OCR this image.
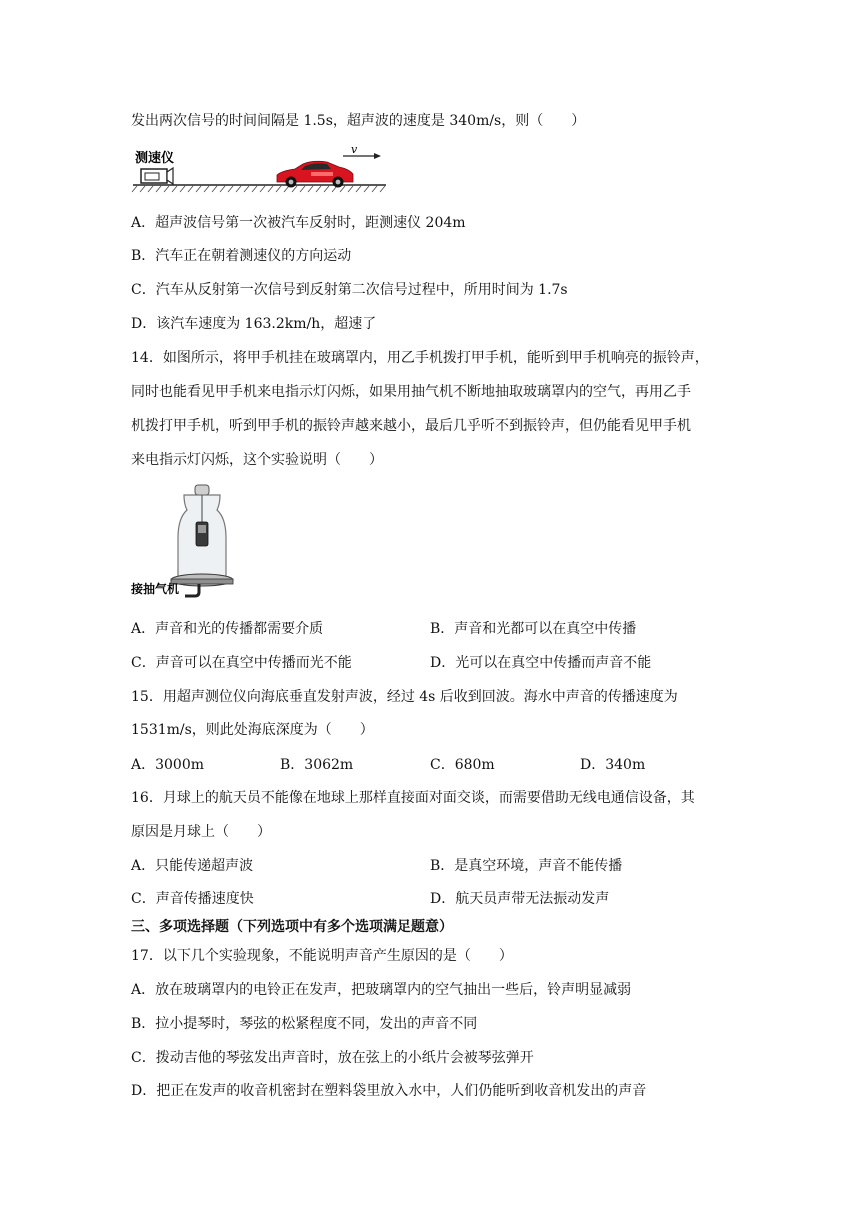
发出两次信号的时间间隔是 1.5s，超声波的速度是 340m/s，则（　　）
测速仪
v
A．超声波信号第一次被汽车反射时，距测速仪 204m
B．汽车正在朝着测速仪的方向运动
C．汽车从反射第一次信号到反射第二次信号过程中，所用时间为 1.7s
D．该汽车速度为 163.2km/h，超速了
14．如图所示，将甲手机挂在玻璃罩内，用乙手机拨打甲手机，能听到甲手机响亮的振铃声，
同时也能看见甲手机来电指示灯闪烁，如果用抽气机不断地抽取玻璃罩内的空气，再用乙手
机拨打甲手机，听到甲手机的振铃声越来越小，最后几乎听不到振铃声，但仍能看见甲手机
来电指示灯闪烁，这个实验说明（　　）
接抽气机
A．声音和光的传播都需要介质	B．声音和光都可以在真空中传播
C．声音可以在真空中传播而光不能	D．光可以在真空中传播而声音不能
15．用超声测位仪向海底垂直发射声波，经过 4s 后收到回波。海水中声音的传播速度为
1531m/s，则此处海底深度为（　　）
A．3000m	B．3062m	C．680m	D．340m
16．月球上的航天员不能像在地球上那样直接面对面交谈，而需要借助无线电通信设备，其
原因是月球上（　　）
A．只能传递超声波	B．是真空环境，声音不能传播
C．声音传播速度快	D．航天员声带无法振动发声
三、多项选择题（下列选项中有多个选项满足题意）
17．以下几个实验现象，不能说明声音产生原因的是（　　）
A．放在玻璃罩内的电铃正在发声，把玻璃罩内的空气抽出一些后，铃声明显减弱
B．拉小提琴时，琴弦的松紧程度不同，发出的声音不同
C．拨动吉他的琴弦发出声音时，放在弦上的小纸片会被琴弦弹开
D．把正在发声的收音机密封在塑料袋里放入水中，人们仍能听到收音机发出的声音
